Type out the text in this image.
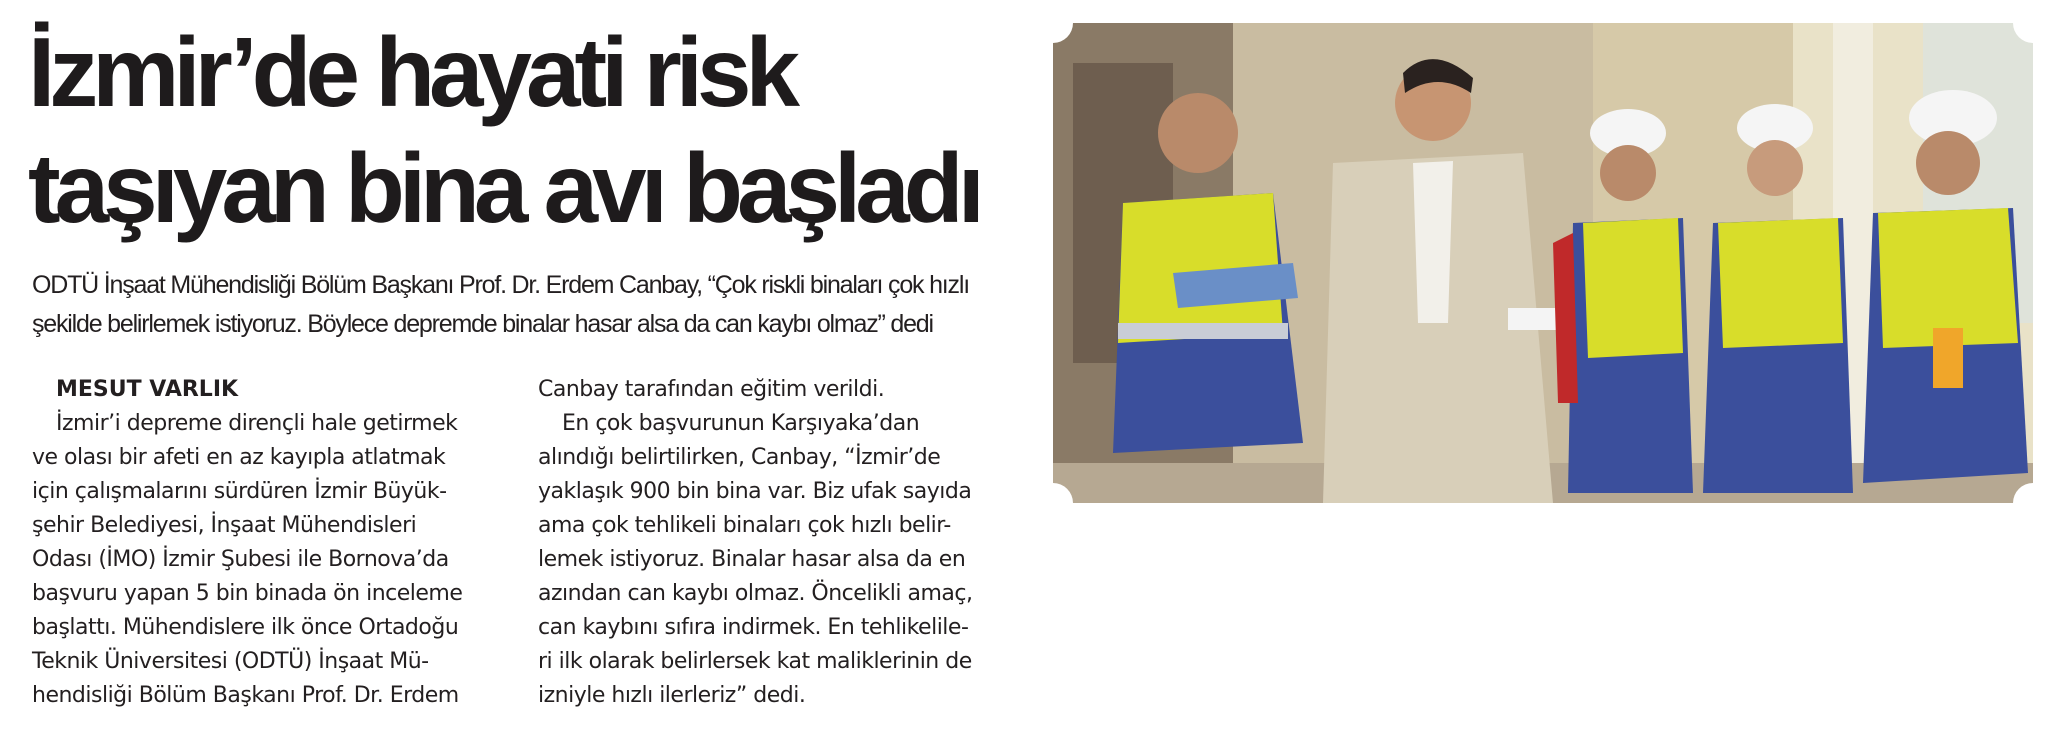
İzmir’de hayati risk
taşıyan bina avı başladı

ODTÜ İnşaat Mühendisliği Bölüm Başkanı Prof. Dr. Erdem Canbay, “Çok riskli binaları çok hızlı
şekilde belirlemek istiyoruz. Böylece depremde binalar hasar alsa da can kaybı olmaz” dedi

MESUT VARLIK

İzmir’i depreme dirençli hale getirmek
ve olası bir afeti en az kayıpla atlatmak
için çalışmalarını sürdüren İzmir Büyük-
şehir Belediyesi, İnşaat Mühendisleri
Odası (İMO) İzmir Şubesi ile Bornova’da
başvuru yapan 5 bin binada ön inceleme
başlattı. Mühendislere ilk önce Ortadoğu
Teknik Üniversitesi (ODTÜ) İnşaat Mü-
hendisliği Bölüm Başkanı Prof. Dr. Erdem

Canbay tarafından eğitim verildi.
En çok başvurunun Karşıyaka’dan
alındığı belirtilirken, Canbay, “İzmir’de
yaklaşık 900 bin bina var. Biz ufak sayıda
ama çok tehlikeli binaları çok hızlı belir-
lemek istiyoruz. Binalar hasar alsa da en
azından can kaybı olmaz. Öncelikli amaç,
can kaybını sıfıra indirmek. En tehlikelile-
ri ilk olarak belirlersek kat maliklerinin de
izniyle hızlı ilerleriz” dedi.
